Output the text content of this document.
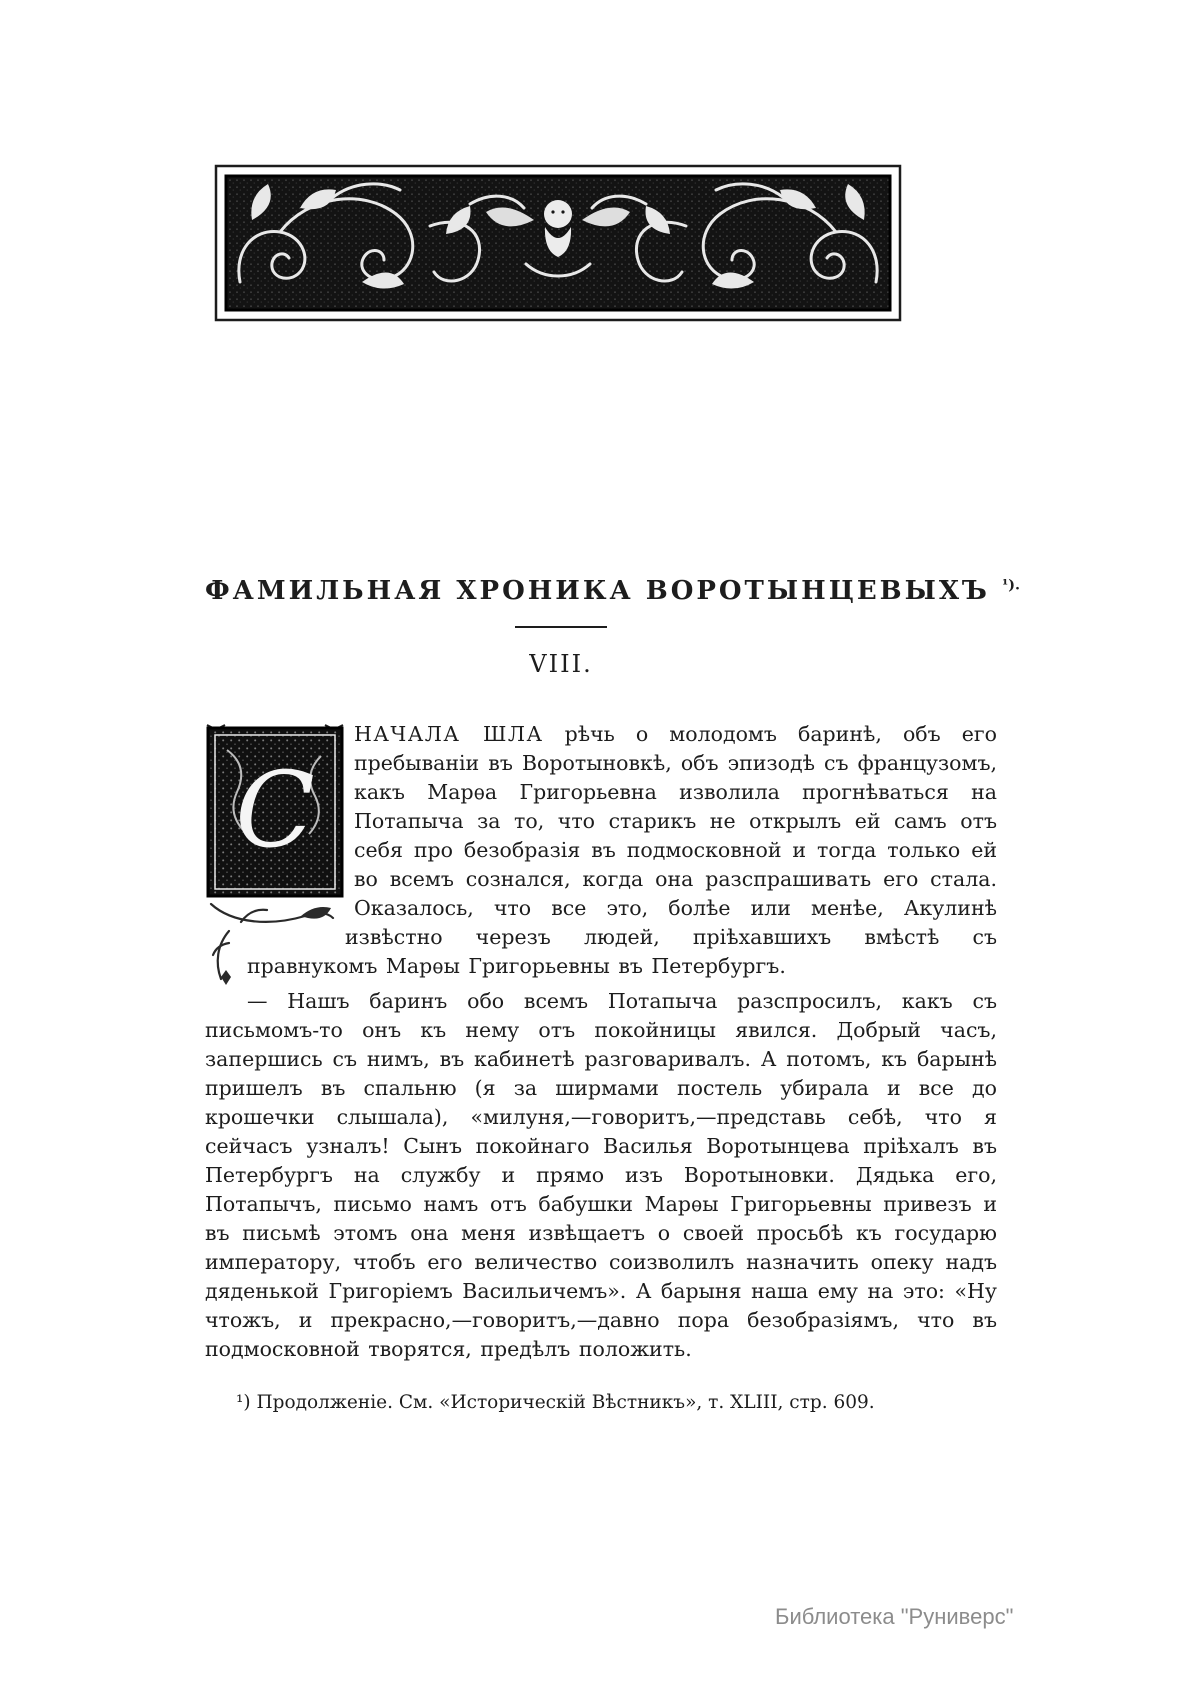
ФАМИЛЬНАЯ ХРОНИКА ВОРОТЫНЦЕВЫХЪ $^{^1).}$
VIII.
С

НАЧАЛА ШЛА рѣчь о молодомъ баринѣ, объ его пребываніи въ Воротыновкѣ, объ эпизодѣ съ французомъ, какъ Марѳа Григорьевна изволила прогнѣваться на Потапыча за то, что старикъ не открылъ ей самъ отъ себя про безобразія въ подмосковной и тогда только ей во всемъ сознался, когда она разспрашивать его стала. Оказалось, что все это, болѣе или менѣе, Акулинѣ извѣстно черезъ людей, пріѣхавшихъ вмѣстѣ съ правнукомъ Марѳы Григорьевны въ Петербургъ.

— Нашъ баринъ обо всемъ Потапыча разспросилъ, какъ съ письмомъ-то онъ къ нему отъ покойницы явился. Добрый часъ, запершись съ нимъ, въ кабинетѣ разговаривалъ. А потомъ, къ барынѣ пришелъ въ спальню (я за ширмами постель убирала и все до крошечки слышала), «милуня,—говоритъ,—представь себѣ, что я сейчасъ узналъ! Сынъ покойнаго Василья Воротынцева пріѣхалъ въ Петербургъ на службу и прямо изъ Воротыновки. Дядька его, Потапычъ, письмо намъ отъ бабушки Марѳы Григорьевны привезъ и въ письмѣ этомъ она меня извѣщаетъ о своей просьбѣ къ государю императору, чтобъ его величество соизволилъ назначить опеку надъ дяденькой Григоріемъ Васильичемъ». А барыня наша ему на это: «Ну чтожъ, и прекрасно,—говоритъ,—давно пора безобразіямъ, что въ подмосковной творятся, предѣлъ положить.

¹) Продолженіе. См. «Историческій Вѣстникъ», т. XLIII, стр. 609.
Библиотека "Руниверс"
